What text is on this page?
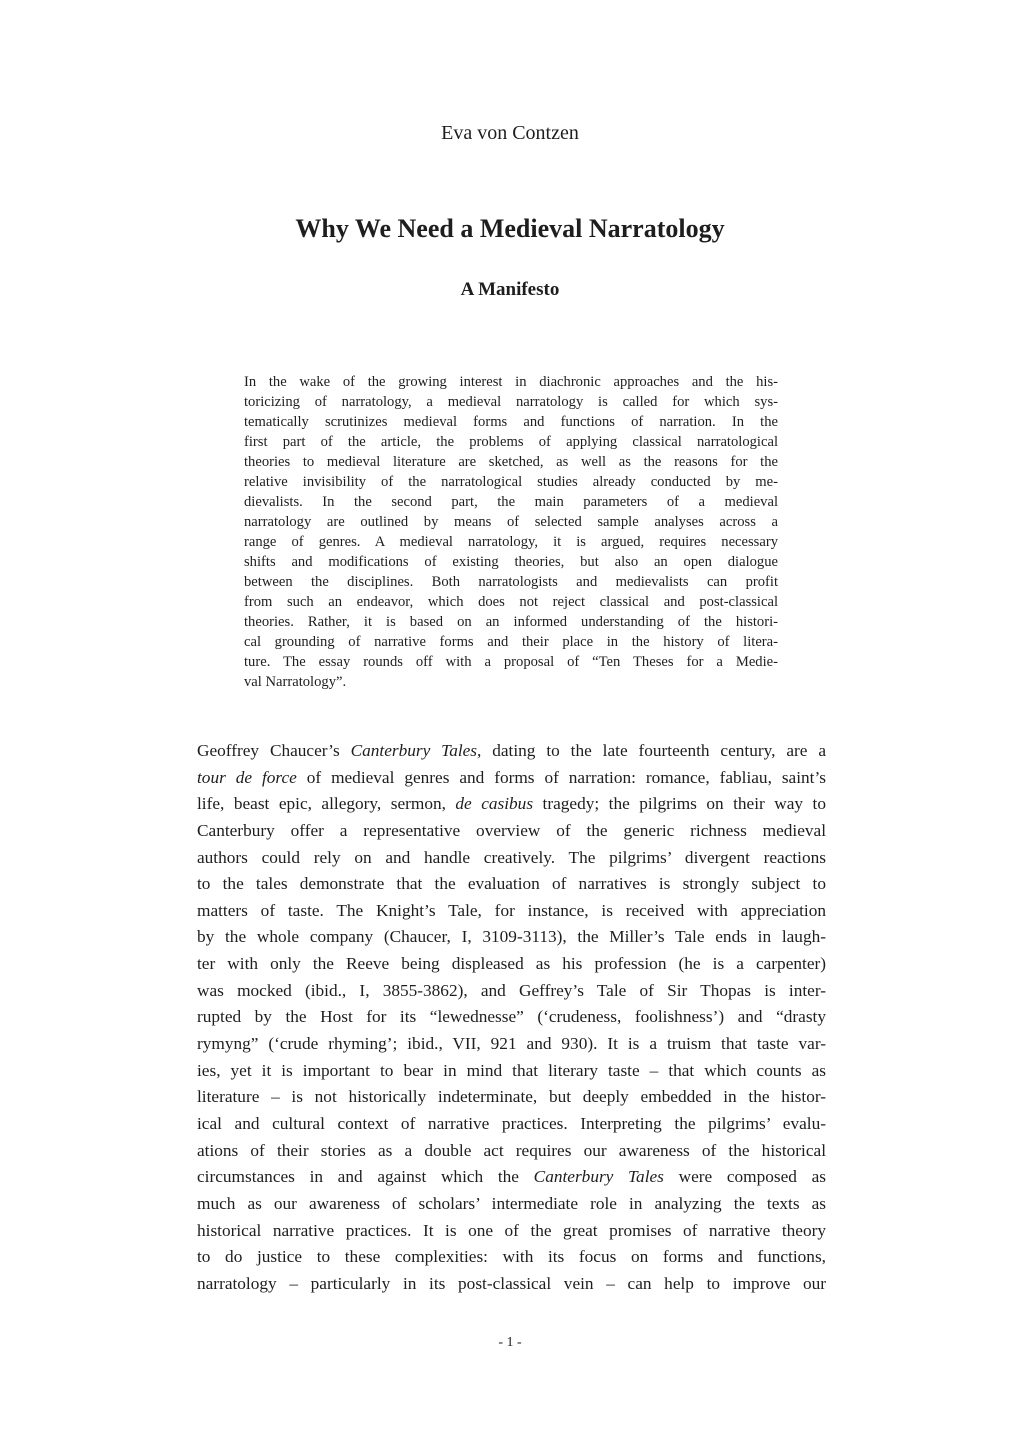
Eva von Contzen
Why We Need a Medieval Narratology
A Manifesto
In the wake of the growing interest in diachronic approaches and the his-
toricizing of narratology, a medieval narratology is called for which sys-
tematically scrutinizes medieval forms and functions of narration. In the
first part of the article, the problems of applying classical narratological
theories to medieval literature are sketched, as well as the reasons for the
relative invisibility of the narratological studies already conducted by me-
dievalists. In the second part, the main parameters of a medieval
narratology are outlined by means of selected sample analyses across a
range of genres. A medieval narratology, it is argued, requires necessary
shifts and modifications of existing theories, but also an open dialogue
between the disciplines. Both narratologists and medievalists can profit
from such an endeavor, which does not reject classical and post-classical
theories. Rather, it is based on an informed understanding of the histori-
cal grounding of narrative forms and their place in the history of litera-
ture. The essay rounds off with a proposal of “Ten Theses for a Medie-
val Narratology”.
Geoffrey Chaucer’s Canterbury Tales, dating to the late fourteenth century, are a
tour de force of medieval genres and forms of narration: romance, fabliau, saint’s
life, beast epic, allegory, sermon, de casibus tragedy; the pilgrims on their way to
Canterbury offer a representative overview of the generic richness medieval
authors could rely on and handle creatively. The pilgrims’ divergent reactions
to the tales demonstrate that the evaluation of narratives is strongly subject to
matters of taste. The Knight’s Tale, for instance, is received with appreciation
by the whole company (Chaucer, I, 3109-3113), the Miller’s Tale ends in laugh-
ter with only the Reeve being displeased as his profession (he is a carpenter)
was mocked (ibid., I, 3855-3862), and Geffrey’s Tale of Sir Thopas is inter-
rupted by the Host for its “lewednesse” (‘crudeness, foolishness’) and “drasty
rymyng” (‘crude rhyming’; ibid., VII, 921 and 930). It is a truism that taste var-
ies, yet it is important to bear in mind that literary taste – that which counts as
literature – is not historically indeterminate, but deeply embedded in the histor-
ical and cultural context of narrative practices. Interpreting the pilgrims’ evalu-
ations of their stories as a double act requires our awareness of the historical
circumstances in and against which the Canterbury Tales were composed as
much as our awareness of scholars’ intermediate role in analyzing the texts as
historical narrative practices. It is one of the great promises of narrative theory
to do justice to these complexities: with its focus on forms and functions,
narratology – particularly in its post-classical vein – can help to improve our
- 1 -
